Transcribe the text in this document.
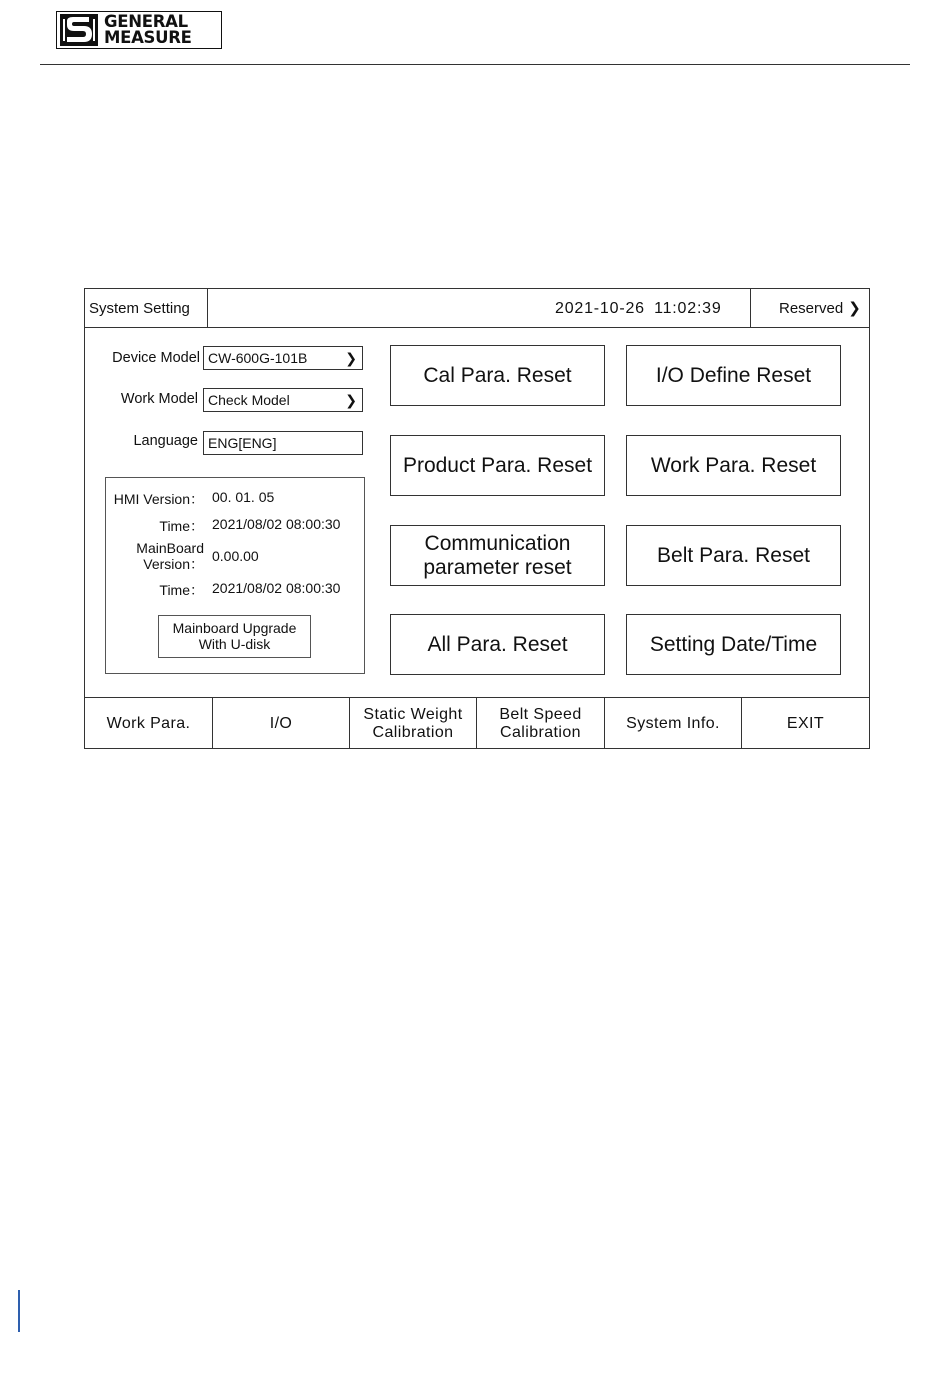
GENERAL
MEASURE
System Setting	2021-10-26 11:02:39	Reserved ❯
Device Model CW-600G-101B	❯
Work Model Check Model	❯
Language ENG[ENG]
HMI Version： 00. 01. 05
Time： 2021/08/02 08:00:30
MainBoard
Version： 0.00.00
Time： 2021/08/02 08:00:30
Mainboard Upgrade
With U-disk
Cal Para. Reset	I/O Define Reset
Product Para. Reset	Work Para. Reset
Communication
parameter reset
Belt Para. Reset
All Para. Reset	Setting Date/Time
Work Para.	I/O
Static Weight
Calibration
Belt Speed
Calibration
System Info.	EXIT
